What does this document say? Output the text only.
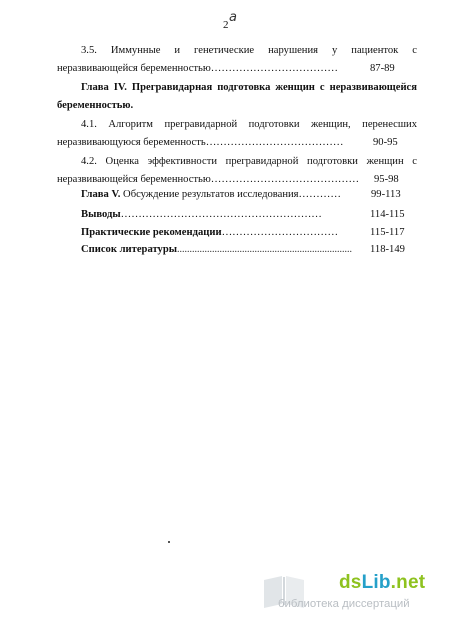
2 a
3.5. Иммунные и генетические нарушения у пациенток с
неразвивающейся беременностью………………………………	87-89
Глава IV. Прегравидарная подготовка женщин с неразвивающейся
беременностью.
4.1. Алгоритм прегравидарной подготовки женщин, перенесших
неразвивающуюся беременность…………………………………	90-95
4.2. Оценка эффективности прегравидарной подготовки женщин с
неразвивающейся беременностью…………………………………… 95-98
Глава V. Обсуждение результатов исследования…………	99-113
Выводы…………………………………………………	114-115
Практические рекомендации……………………………	115-117
Список литературы...................................................................... 118-149
dsLib.net
библиотека диссертаций
